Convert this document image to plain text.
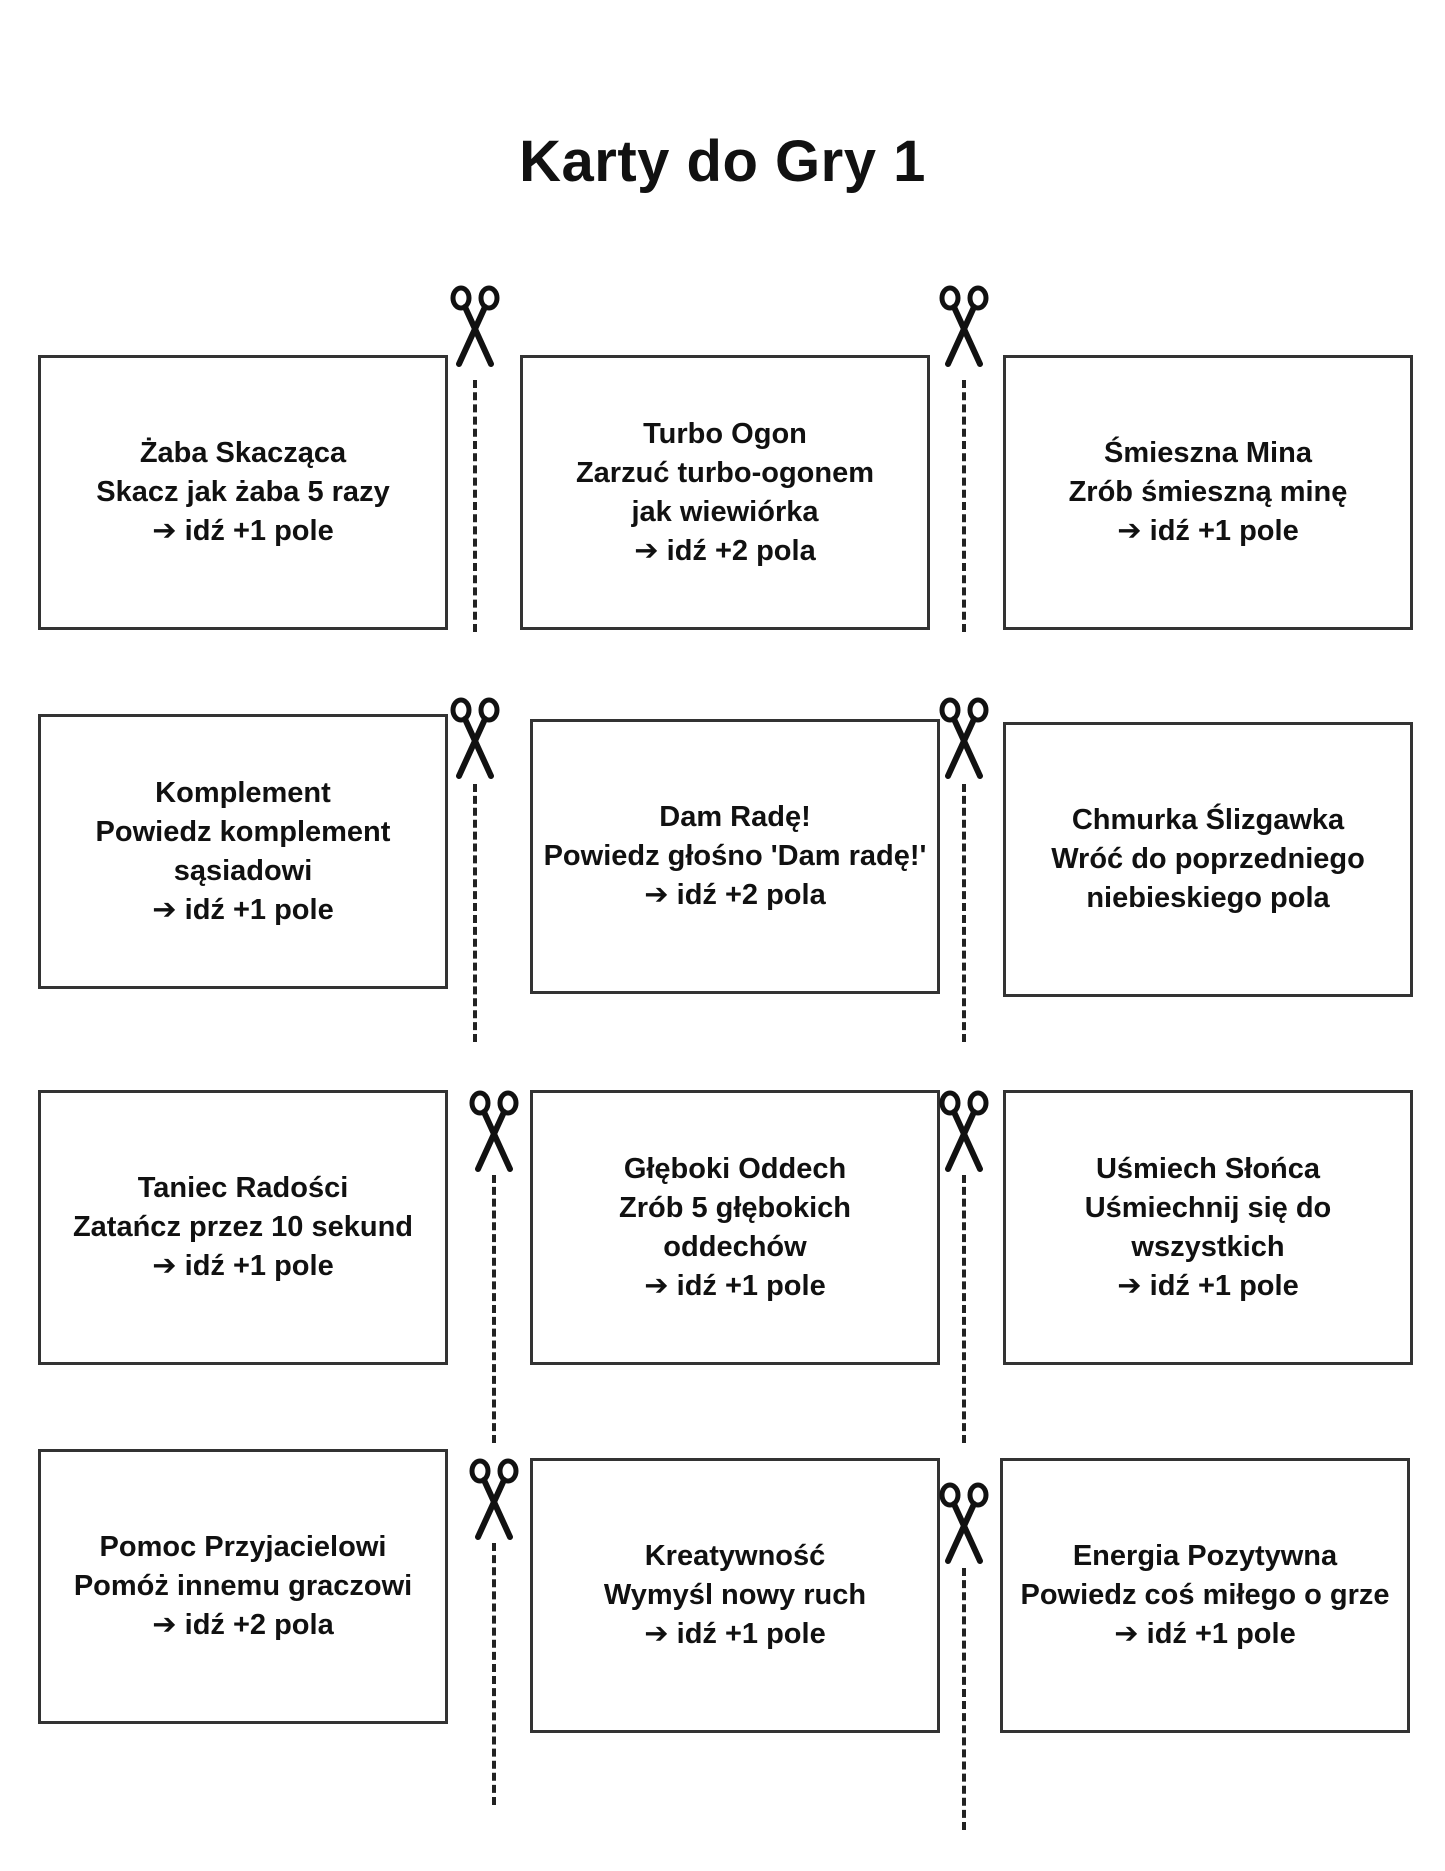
Karty do Gry 1
Żaba Skacząca
Skacz jak żaba 5 razy
➔ idź +1 pole
Turbo Ogon
Zarzuć turbo-ogonem
jak wiewiórka
➔ idź +2 pola
Śmieszna Mina
Zrób śmieszną minę
➔ idź +1 pole
Komplement
Powiedz komplement
sąsiadowi
➔ idź +1 pole
Dam Radę!
Powiedz głośno 'Dam radę!'
➔ idź +2 pola
Chmurka Ślizgawka
Wróć do poprzedniego
niebieskiego pola
Taniec Radości
Zatańcz przez 10 sekund
➔ idź +1 pole
Głęboki Oddech
Zrób 5 głębokich
oddechów
➔ idź +1 pole
Uśmiech Słońca
Uśmiechnij się do
wszystkich
➔ idź +1 pole
Pomoc Przyjacielowi
Pomóż innemu graczowi
➔ idź +2 pola
Kreatywność
Wymyśl nowy ruch
➔ idź +1 pole
Energia Pozytywna
Powiedz coś miłego o grze
➔ idź +1 pole
